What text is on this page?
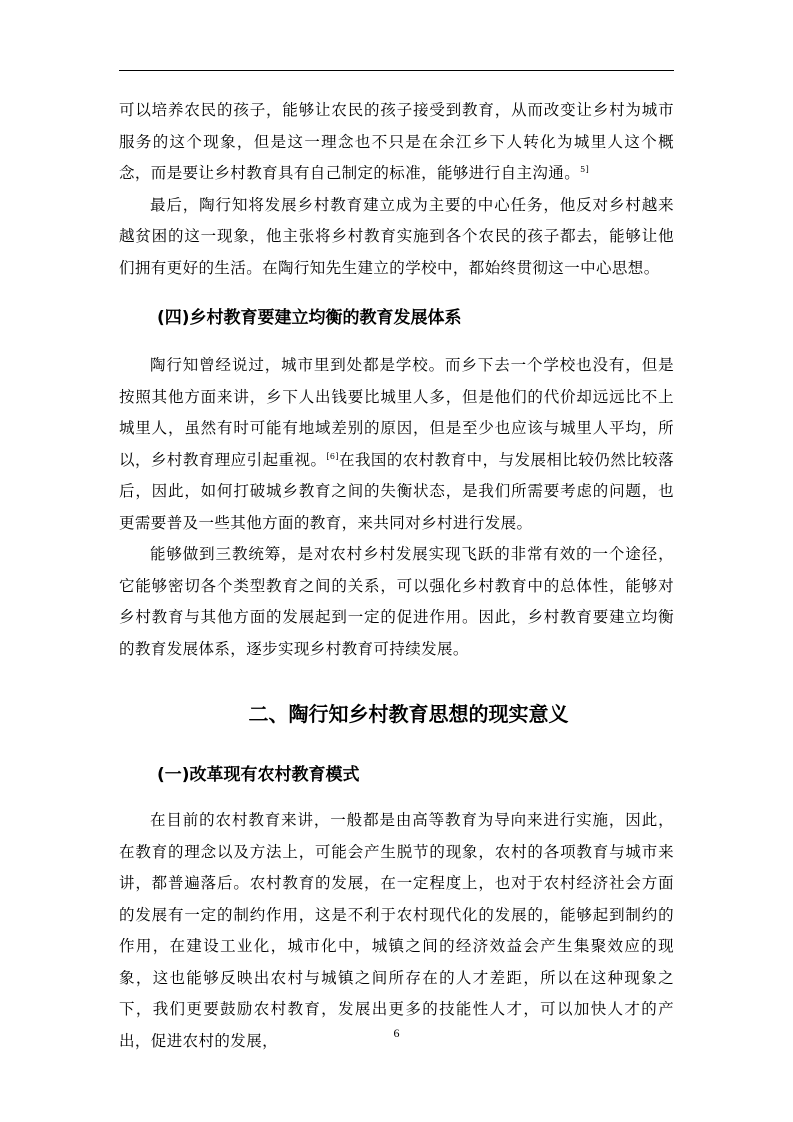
可以培养农民的孩子，能够让农民的孩子接受到教育，从而改变让乡村为城市服务的这个现象，但是这一理念也不只是在余江乡下人转化为城里人这个概念，而是要让乡村教育具有自己制定的标准，能够进行自主沟通。$^{5]}$

最后，陶行知将发展乡村教育建立成为主要的中心任务，他反对乡村越来越贫困的这一现象，他主张将乡村教育实施到各个农民的孩子都去，能够让他们拥有更好的生活。在陶行知先生建立的学校中，都始终贯彻这一中心思想。

(四)乡村教育要建立均衡的教育发展体系

陶行知曾经说过，城市里到处都是学校。而乡下去一个学校也没有，但是按照其他方面来讲，乡下人出钱要比城里人多，但是他们的代价却远远比不上城里人，虽然有时可能有地域差别的原因，但是至少也应该与城里人平均，所以，乡村教育理应引起重视。[6]在我国的农村教育中，与发展相比较仍然比较落后，因此，如何打破城乡教育之间的失衡状态，是我们所需要考虑的问题，也更需要普及一些其他方面的教育，来共同对乡村进行发展。

能够做到三教统筹，是对农村乡村发展实现飞跃的非常有效的一个途径，它能够密切各个类型教育之间的关系，可以强化乡村教育中的总体性，能够对乡村教育与其他方面的发展起到一定的促进作用。因此，乡村教育要建立均衡的教育发展体系，逐步实现乡村教育可持续发展。

二、陶行知乡村教育思想的现实意义
(一)改革现有农村教育模式

在目前的农村教育来讲，一般都是由高等教育为导向来进行实施，因此，在教育的理念以及方法上，可能会产生脱节的现象，农村的各项教育与城市来讲，都普遍落后。农村教育的发展，在一定程度上，也对于农村经济社会方面的发展有一定的制约作用，这是不利于农村现代化的发展的，能够起到制约的作用，在建设工业化，城市化中，城镇之间的经济效益会产生集聚效应的现象，这也能够反映出农村与城镇之间所存在的人才差距，所以在这种现象之下，我们更要鼓励农村教育，发展出更多的技能性人才，可以加快人才的产出，促进农村的发展，	6
